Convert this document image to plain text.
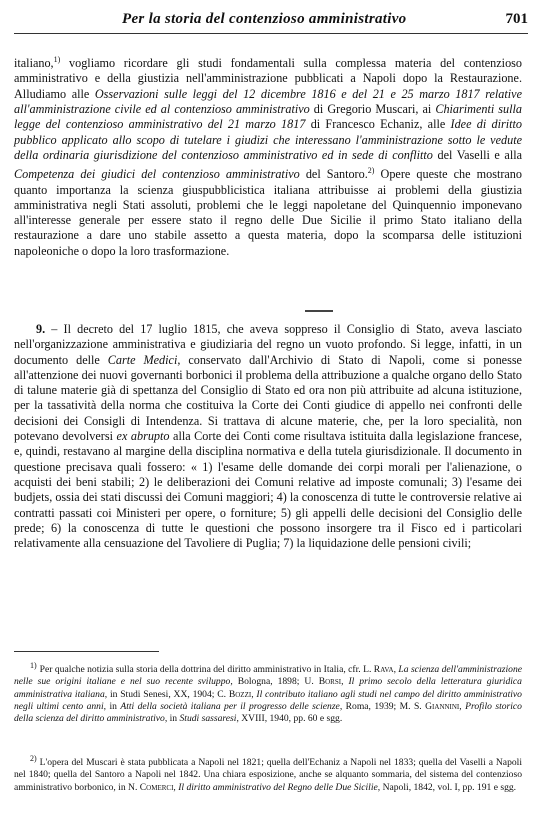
Per la storia del contenzioso amministrativo	701

italiano,$^{1)}$ vogliamo ricordare gli studi fondamentali sulla complessa materia del contenzioso amministrativo e della giustizia nell'amministrazione pubblicati a Napoli dopo la Restaurazione. Alludiamo alle Osservazioni sulle leggi del 12 dicembre 1816 e del 21 e 25 marzo 1817 relative all'amministrazione civile ed al contenzioso amministrativo di Gregorio Muscari, ai Chiarimenti sulla legge del contenzioso amministrativo del 21 marzo 1817 di Francesco Echaniz, alle Idee di diritto pubblico applicato allo scopo di tutelare i giudizi che interessano l'amministrazione sotto le vedute della ordinaria giurisdizione del contenzioso amministrativo ed in sede di conflitto del Vaselli e alla Competenza dei giudici del contenzioso amministrativo del Santoro.$^{2)}$ Opere queste che mostrano quanto importanza la scienza giuspubblicistica italiana attribuisse ai problemi della giustizia amministrativa negli Stati assoluti, problemi che le leggi napoletane del Quinquennio imponevano all'interesse generale per essere stato il regno delle Due Sicilie il primo Stato italiano della restaurazione a dare uno stabile assetto a questa materia, dopo la scomparsa delle istituzioni napoleoniche o dopo la loro trasformazione.

9. – Il decreto del 17 luglio 1815, che aveva soppreso il Consiglio di Stato, aveva lasciato nell'organizzazione amministrativa e giudiziaria del regno un vuoto profondo. Si legge, infatti, in un documento delle Carte Medici, conservato dall'Archivio di Stato di Napoli, come si ponesse all'attenzione dei nuovi governanti borbonici il problema della attribuzione a qualche organo dello Stato di talune materie già di spettanza del Consiglio di Stato ed ora non più attribuite ad alcuna istituzione, per la tassatività della norma che costituiva la Corte dei Conti giudice di appello nei confronti delle decisioni dei Consigli di Intendenza. Si trattava di alcune materie, che, per la loro specialità, non potevano devolversi ex abrupto alla Corte dei Conti come risultava istituita dalla legislazione francese, e, quindi, restavano al margine della disciplina normativa e della tutela giurisdizionale. Il documento in questione precisava quali fossero: « 1) l'esame delle domande dei corpi morali per l'alienazione, o acquisti dei beni stabili; 2) le deliberazioni dei Comuni relative ad imposte comunali; 3) l'esame dei budjets, ossia dei stati discussi dei Comuni maggiori; 4) la conoscenza di tutte le controversie relative ai contratti passati coi Ministeri per opere, o forniture; 5) gli appelli delle decisioni del Consiglio delle prede; 6) la conoscenza di tutte le questioni che possono insorgere tra il Fisco ed i particolari relativamente alla censuazione del Tavoliere di Puglia; 7) la liquidazione delle pensioni civili;

$^{1)}$ Per qualche notizia sulla storia della dottrina del diritto amministrativo in Italia, cfr. L. Rava, La scienza dell'amministrazione nelle sue origini italiane e nel suo recente sviluppo, Bologna, 1898; U. Borsi, Il primo secolo della letteratura giuridica amministrativa italiana, in Studi Senesi, XX, 1904; C. Bozzi, Il contributo italiano agli studi nel campo del diritto amministrativo negli ultimi cento anni, in Atti della società italiana per il progresso delle scienze, Roma, 1939; M. S. Giannini, Profilo storico della scienza del diritto amministrativo, in Studi sassaresi, XVIII, 1940, pp. 60 e sgg.

$^{2)}$ L'opera del Muscari è stata pubblicata a Napoli nel 1821; quella dell'Echaniz a Napoli nel 1833; quella del Vaselli a Napoli nel 1840; quella del Santoro a Napoli nel 1842. Una chiara esposizione, anche se alquanto sommaria, del sistema del contenzioso amministrativo borbonico, in N. Comerci, Il diritto amministrativo del Regno delle Due Sicilie, Napoli, 1842, vol. I, pp. 191 e sgg.
